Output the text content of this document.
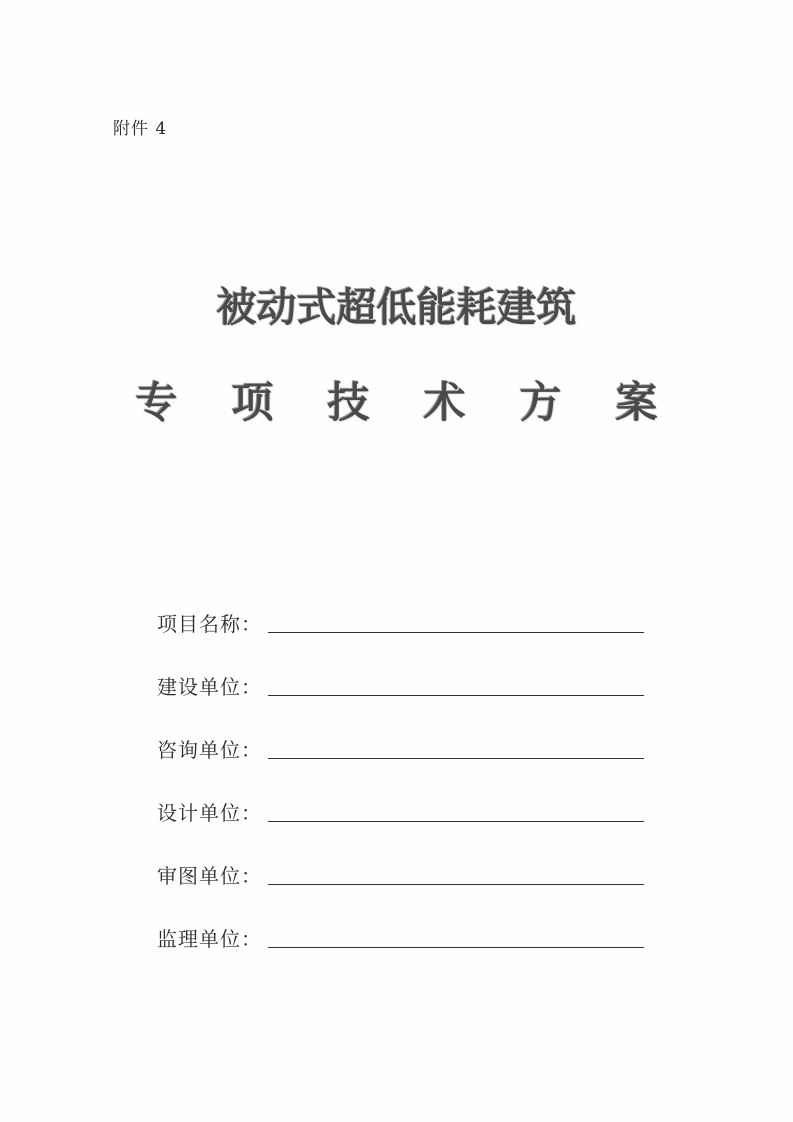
附件 4
被动式超低能耗建筑
专项技术方案
项目名称：
建设单位：
咨询单位：
设计单位：
审图单位：
监理单位：
